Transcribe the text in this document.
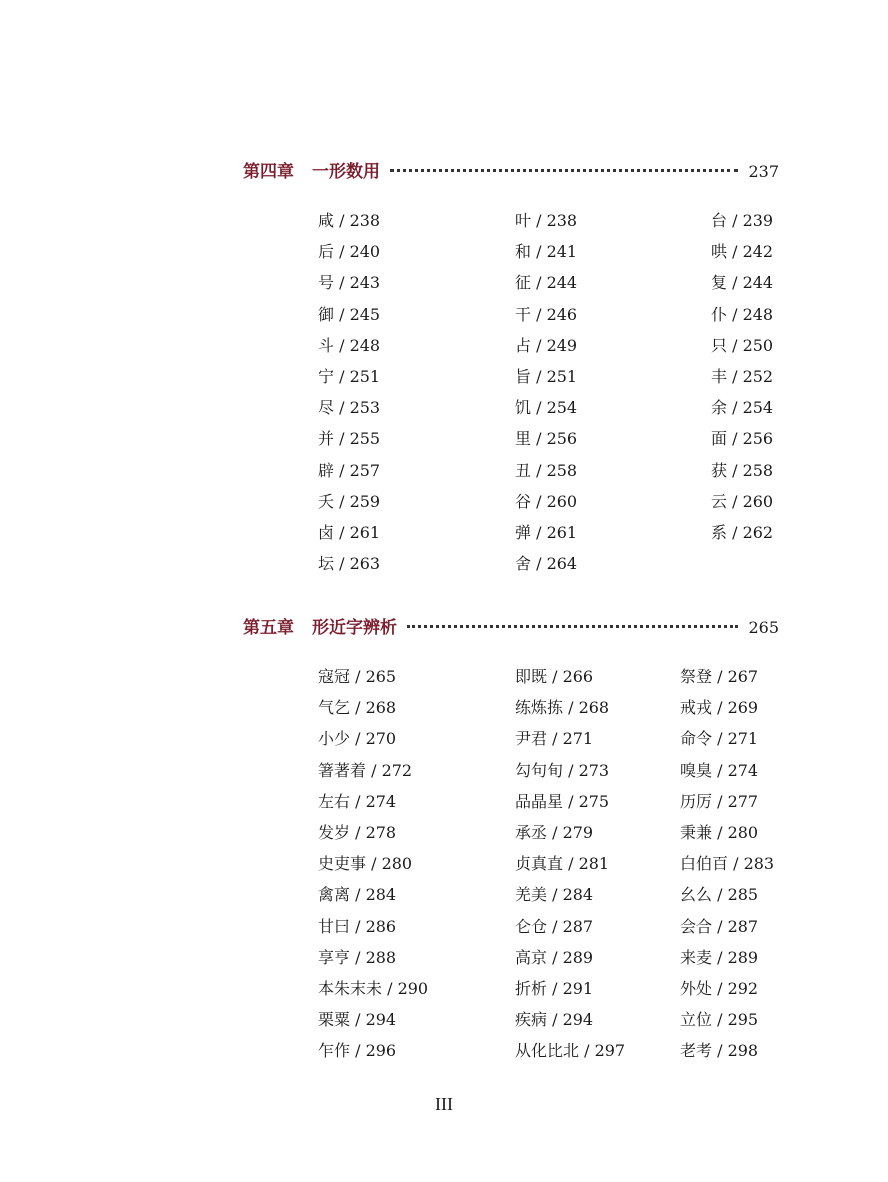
第四章 一形数用	237
咸 / 238
后 / 240
号 / 243
御 / 245
斗 / 248
宁 / 251
尽 / 253
并 / 255
辟 / 257
夭 / 259
卤 / 261
坛 / 263
叶 / 238
和 / 241
征 / 244
干 / 246
占 / 249
旨 / 251
饥 / 254
里 / 256
丑 / 258
谷 / 260
弹 / 261
舍 / 264
台 / 239
哄 / 242
复 / 244
仆 / 248
只 / 250
丰 / 252
余 / 254
面 / 256
获 / 258
云 / 260
系 / 262
第五章 形近字辨析	265
寇冠 / 265
气乞 / 268
小少 / 270
箸著着 / 272
左右 / 274
发岁 / 278
史吏事 / 280
禽离 / 284
甘曰 / 286
享亨 / 288
本朱末未 / 290
栗粟 / 294
乍作 / 296
即既 / 266
练炼拣 / 268
尹君 / 271
勾句旬 / 273
品晶星 / 275
承丞 / 279
贞真直 / 281
羌美 / 284
仑仓 / 287
高京 / 289
折析 / 291
疾病 / 294
从化比北 / 297
祭登 / 267
戒戎 / 269
命令 / 271
嗅臭 / 274
历厉 / 277
秉兼 / 280
白伯百 / 283
幺么 / 285
会合 / 287
来麦 / 289
外处 / 292
立位 / 295
老考 / 298
III
